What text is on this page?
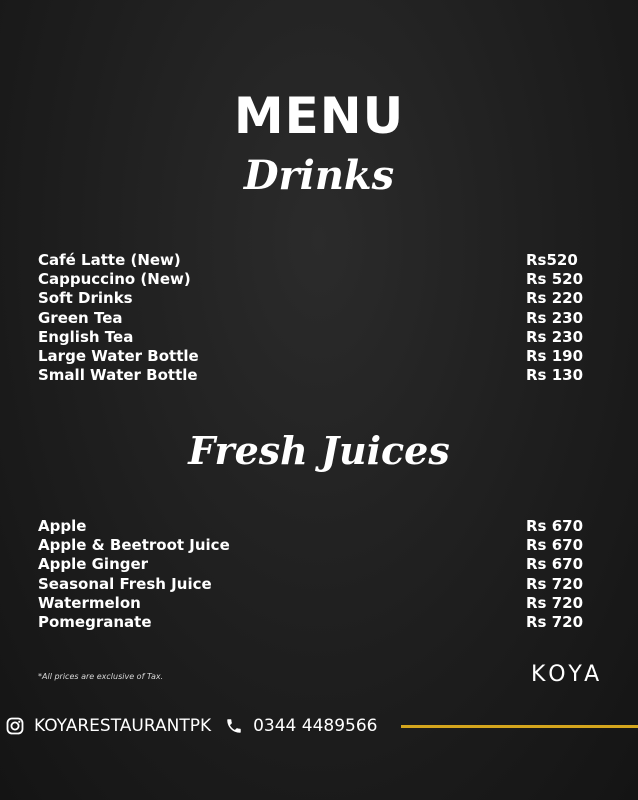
MENU
Drinks
Café Latte (New)	Rs520
Cappuccino (New)	Rs 520
Soft Drinks	Rs 220
Green Tea	Rs 230
English Tea	Rs 230
Large Water Bottle	Rs 190
Small Water Bottle	Rs 130
Fresh Juices
Apple	Rs 670
Apple & Beetroot Juice	Rs 670
Apple Ginger	Rs 670
Seasonal Fresh Juice	Rs 720
Watermelon	Rs 720
Pomegranate	Rs 720
*All prices are exclusive of Tax.	KOYA
KOYARESTAURANTPK 0344 4489566
